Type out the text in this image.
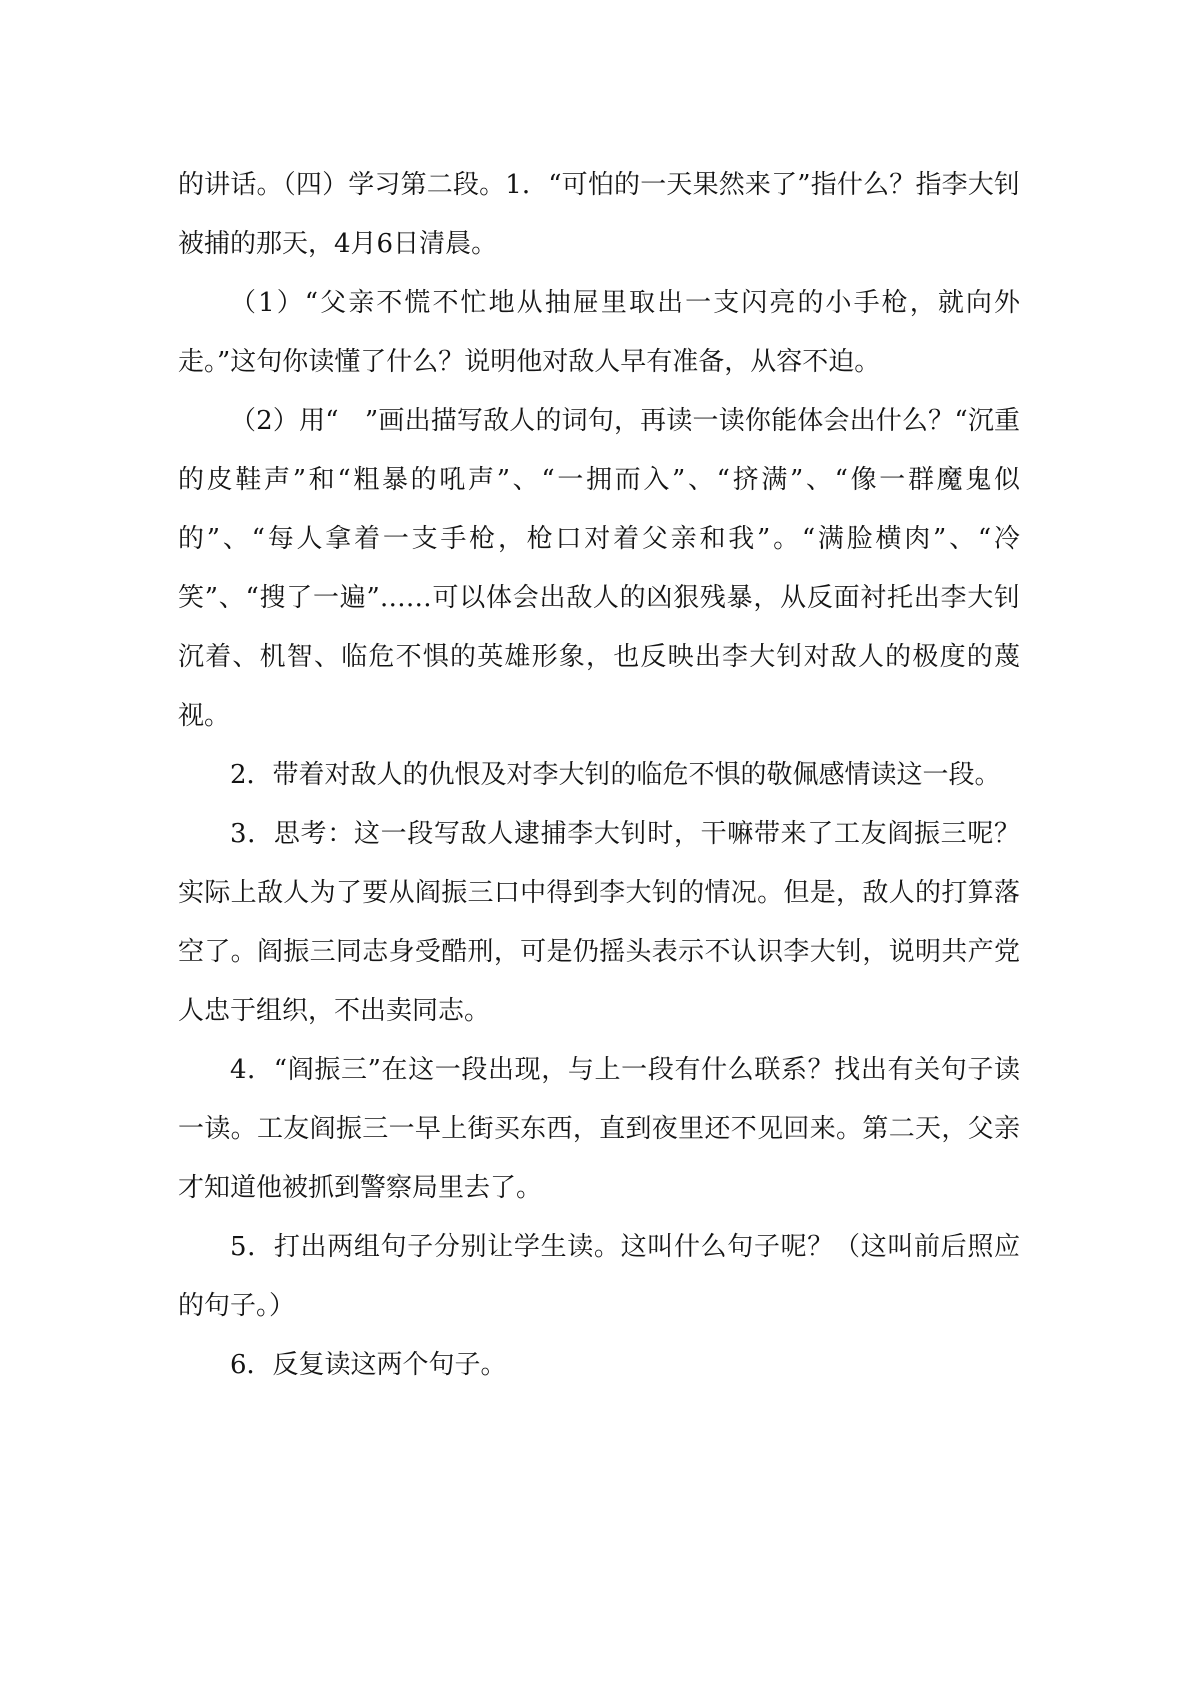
的讲话。（四）学习第二段。1．“可怕的一天果然来了”指什么？指李大钊被捕的那天，4月6日清晨。

（1）“父亲不慌不忙地从抽屉里取出一支闪亮的小手枪，就向外走。”这句你读懂了什么？说明他对敌人早有准备，从容不迫。

（2）用“　”画出描写敌人的词句，再读一读你能体会出什么？“沉重的皮鞋声”和“粗暴的吼声”、“一拥而入”、“挤满”、“像一群魔鬼似的”、“每人拿着一支手枪，枪口对着父亲和我”。“满脸横肉”、“冷笑”、“搜了一遍”……可以体会出敌人的凶狠残暴，从反面衬托出李大钊沉着、机智、临危不惧的英雄形象，也反映出李大钊对敌人的极度的蔑视。

2．带着对敌人的仇恨及对李大钊的临危不惧的敬佩感情读这一段。

3．思考：这一段写敌人逮捕李大钊时，干嘛带来了工友阎振三呢？实际上敌人为了要从阎振三口中得到李大钊的情况。但是，敌人的打算落空了。阎振三同志身受酷刑，可是仍摇头表示不认识李大钊，说明共产党人忠于组织，不出卖同志。

4．“阎振三”在这一段出现，与上一段有什么联系？找出有关句子读一读。工友阎振三一早上街买东西，直到夜里还不见回来。第二天，父亲才知道他被抓到警察局里去了。

5．打出两组句子分别让学生读。这叫什么句子呢？（这叫前后照应的句子。）

6．反复读这两个句子。
